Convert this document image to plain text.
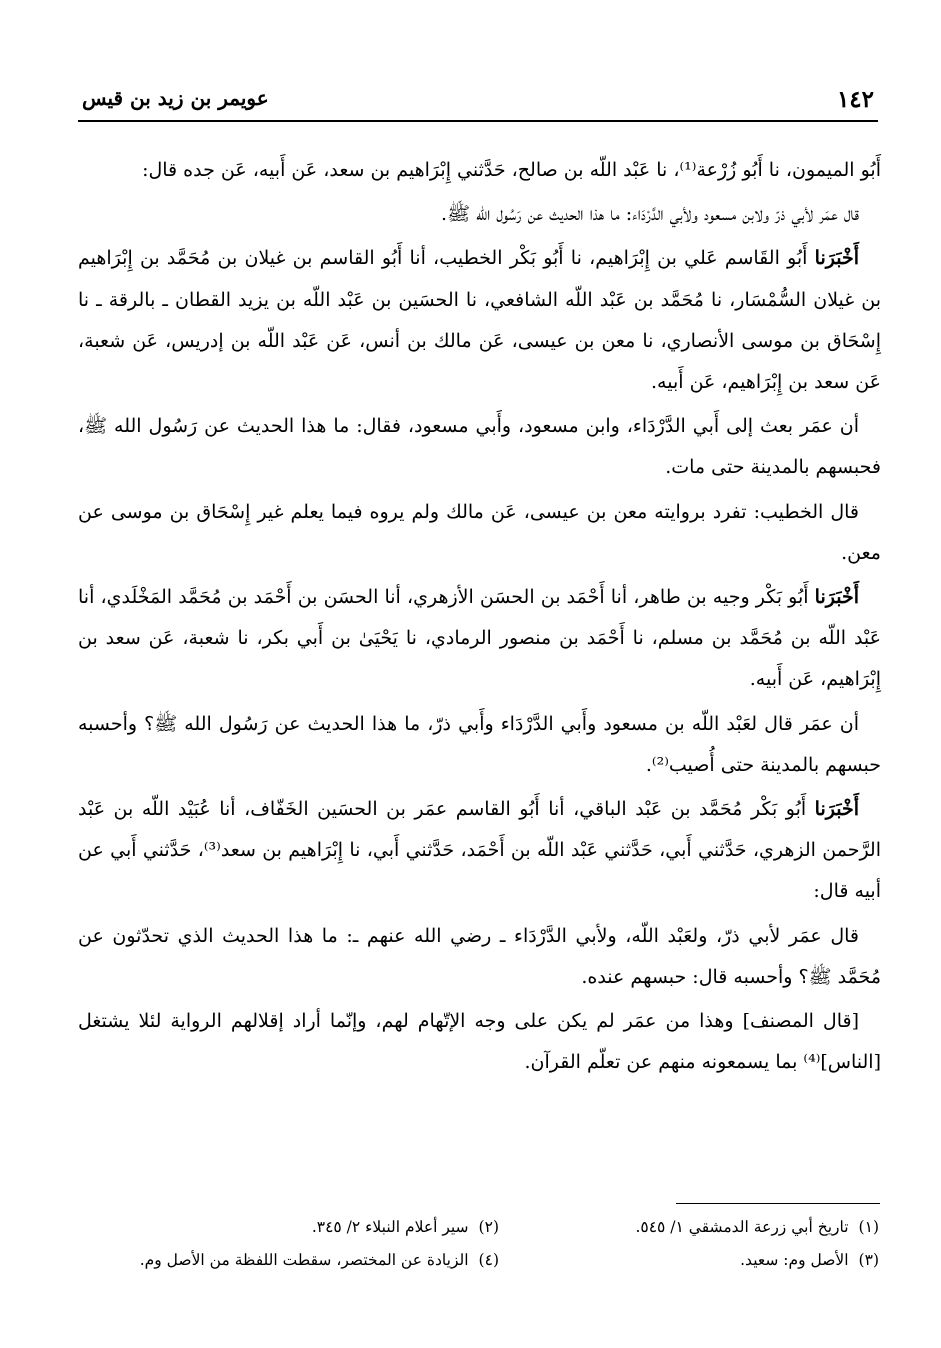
١٤٢
عويمر بن زيد بن قيس

أَبُو الميمون، نا أَبُو زُرْعة⁽¹⁾، نا عَبْد اللّه بن صالح، حَدَّثني إِبْرَاهيم بن سعد، عَن أَبيه، عَن جده قال:

قال عمَر لأبي ذرّ ولابن مسعود ولأبي الدَّرْدَاء: ما هذا الحديث عن رَسُول الله ﷺ.

أَخْبَرَنا أَبُو القَاسم عَلي بن إِبْرَاهيم، نا أَبُو بَكْر الخطيب، أنا أَبُو القاسم بن غيلان بن مُحَمَّد بن إِبْرَاهيم بن غيلان السُّمْسَار، نا مُحَمَّد بن عَبْد اللّه الشافعي، نا الحسَين بن عَبْد اللّه بن يزيد القطان ـ بالرقة ـ نا إِسْحَاق بن موسى الأنصاري، نا معن بن عيسى، عَن مالك بن أنس، عَن عَبْد اللّه بن إدريس، عَن شعبة، عَن سعد بن إِبْرَاهيم، عَن أَبيه.

أن عمَر بعث إلى أَبي الدَّرْدَاء، وابن مسعود، وأَبي مسعود، فقال: ما هذا الحديث عن رَسُول الله ﷺ، فحبسهم بالمدينة حتى مات.

قال الخطيب: تفرد بروايته معن بن عيسى، عَن مالك ولم يروه فيما يعلم غير إِسْحَاق بن موسى عن معن.

أَخْبَرَنا أَبُو بَكْر وجيه بن طاهر، أنا أَحْمَد بن الحسَن الأزهري، أنا الحسَن بن أَحْمَد بن مُحَمَّد المَخْلَدي، أنا عَبْد اللّه بن مُحَمَّد بن مسلم، نا أَحْمَد بن منصور الرمادي، نا يَحْيَىٰ بن أَبي بكر، نا شعبة، عَن سعد بن إِبْرَاهيم، عَن أَبيه.

أن عمَر قال لعَبْد اللّه بن مسعود وأَبي الدَّرْدَاء وأَبي ذرّ، ما هذا الحديث عن رَسُول الله ﷺ؟ وأحسبه حبسهم بالمدينة حتى أُصيب⁽²⁾.

أَخْبَرَنا أَبُو بَكْر مُحَمَّد بن عَبْد الباقي، أنا أَبُو القاسم عمَر بن الحسَين الخَفّاف، أنا عُبَيْد اللّه بن عَبْد الرَّحمن الزهري، حَدَّثني أَبي، حَدَّثني عَبْد اللّه بن أَحْمَد، حَدَّثني أَبي، نا إِبْرَاهيم بن سعد⁽³⁾، حَدَّثني أَبي عن أبيه قال:

قال عمَر لأبي ذرّ، ولعَبْد اللّه، ولأبي الدَّرْدَاء ـ رضي الله عنهم ـ: ما هذا الحديث الذي تحدّثون عن مُحَمَّد ﷺ؟ وأحسبه قال: حبسهم عنده.

[قال المصنف] وهذا من عمَر لم يكن على وجه الإتّهام لهم، وإنّما أراد إقلالهم الرواية لئلا يشتغل [الناس]⁽⁴⁾ بما يسمعونه منهم عن تعلّم القرآن.

(١)تاريخ أبي زرعة الدمشقي ١/ ٥٤٥.
(٢)سير أعلام النبلاء ٢/ ٣٤٥.
(٣)الأصل وم: سعيد.
(٤)الزيادة عن المختصر، سقطت اللفظة من الأصل وم.
